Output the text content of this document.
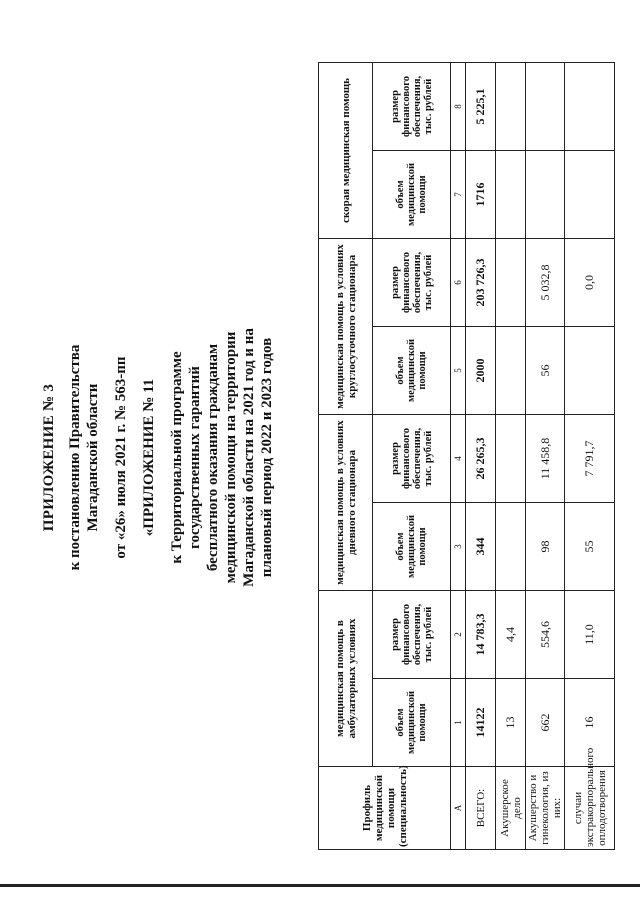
ПРИЛОЖЕНИЕ № 3 к постановлению Правительства Магаданской области от «26» июля 2021 г. № 563-пп «ПРИЛОЖЕНИЕ № 11 к Территориальной программе государственных гарантий бесплатного оказания гражданам медицинской помощи на территории Магаданской области на 2021 год и на плановый период 2022 и 2023 годов
Профиль медицинской помощи (специальность)	медицинская помощь в амбулаторных условиях		медицинская помощь в условиях дневного стационара		медицинская помощь в условиях круглосуточного стационара		скорая медицинская помощь	
	объем медицинской помощи	размер финансового обеспечения, тыс. рублей	объем медицинской помощи	размер финансового обеспечения, тыс. рублей	объем медицинской помощи	размер финансового обеспечения, тыс. рублей	объем медицинской помощи	размер финансового обеспечения, тыс. рублей
А	1	2	3	4	5	6	7	8
ВСЕГО:	14122	14 783,3	344	26 265,3	2000	203 726,3	1716	5 225,1
Акушерское дело	13	4,4						
Акушерство и гинекология, из них:	662	554,6	98	11 458,8	56	5 032,8		
случаи экстракорпорального оплодотворения	16	11,0	55	7 791,7		0,0		
